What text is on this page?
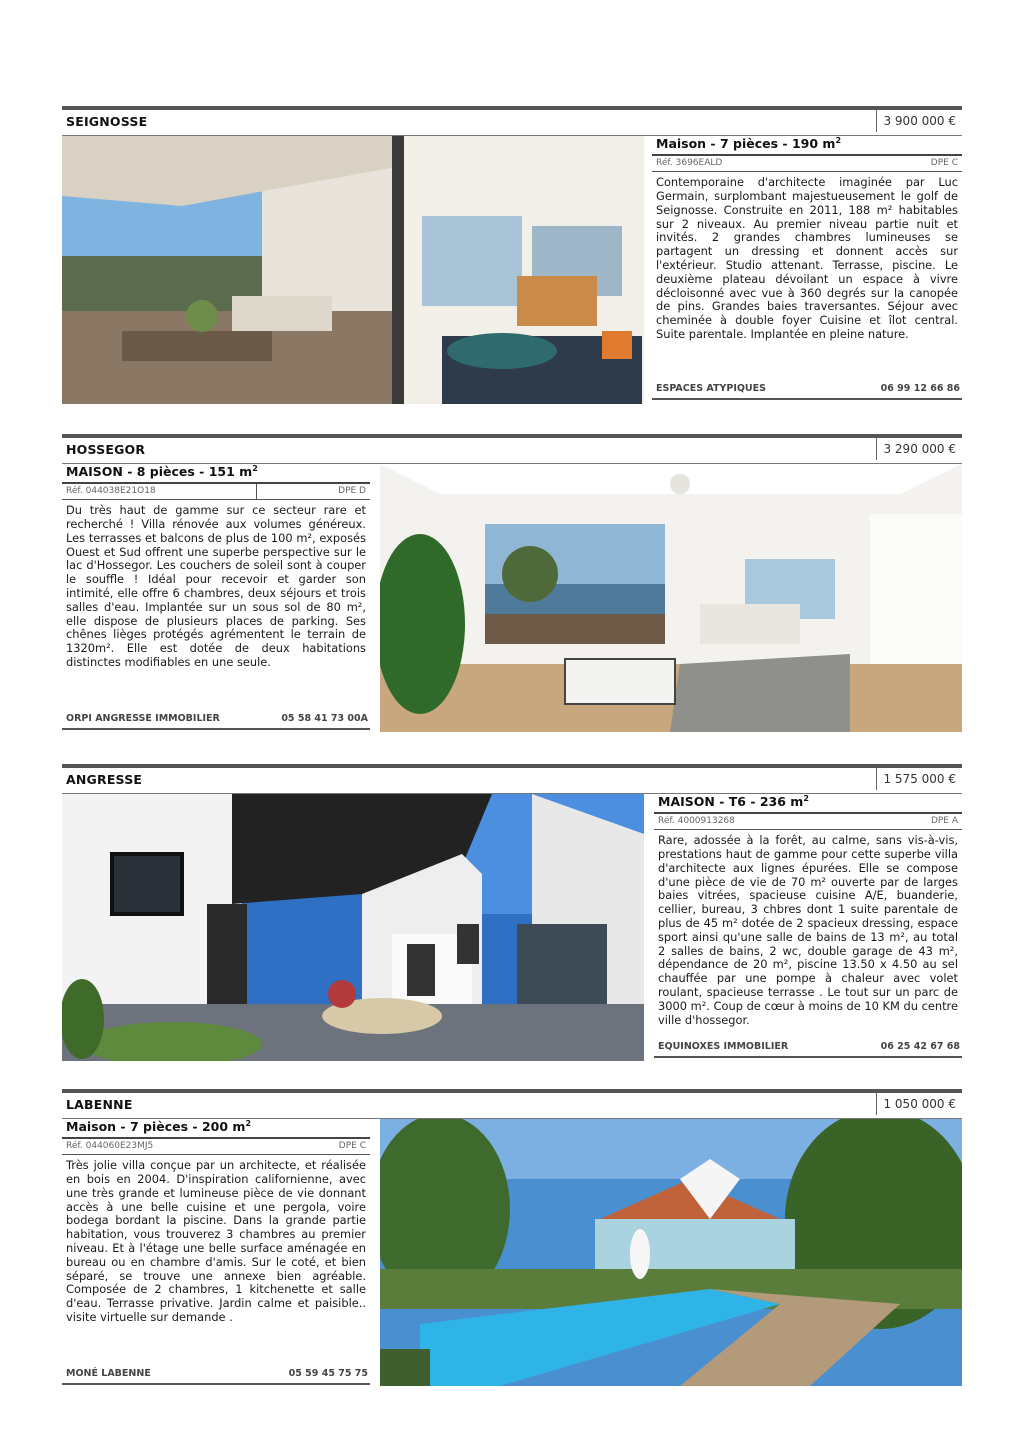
SEIGNOSSE	3 900 000 €
Maison - 7 pièces - 190 $m^2$
Réf. 3696EALD	DPE C
Contemporaine d'architecte imaginée par Luc Germain, surplombant majestueusement le golf de Seignosse. Construite en 2011, 188 m² habitables sur 2 niveaux. Au premier niveau partie nuit et invités. 2 grandes chambres lumineuses se partagent un dressing et donnent accès sur l'extérieur. Studio attenant. Terrasse, piscine. Le deuxième plateau dévoilant un espace à vivre décloisonné avec vue à 360 degrés sur la canopée de pins. Grandes baies traversantes. Séjour avec cheminée à double foyer Cuisine et îlot central. Suite parentale. Implantée en pleine nature.
ESPACES ATYPIQUES	06 99 12 66 86
HOSSEGOR	3 290 000 €
MAISON - 8 pièces - 151 $m^2$
Réf. 044038E21O18	DPE D
Du très haut de gamme sur ce secteur rare et recherché ! Villa rénovée aux volumes généreux. Les terrasses et balcons de plus de 100 m², exposés Ouest et Sud offrent une superbe perspective sur le lac d'Hossegor. Les couchers de soleil sont à couper le souffle ! Idéal pour recevoir et garder son intimité, elle offre 6 chambres, deux séjours et trois salles d'eau. Implantée sur un sous sol de 80 m², elle dispose de plusieurs places de parking. Ses chênes lièges protégés agrémentent le terrain de 1320m². Elle est dotée de deux habitations distinctes modifiables en une seule.
ORPI ANGRESSE IMMOBILIER	05 58 41 73 00A
ANGRESSE	1 575 000 €
MAISON - T6 - 236 $m^2$
Réf. 4000913268	DPE A
Rare, adossée à la forêt, au calme, sans vis-à-vis, prestations haut de gamme pour cette superbe villa d'architecte aux lignes épurées. Elle se compose d'une pièce de vie de 70 m² ouverte par de larges baies vitrées, spacieuse cuisine A/E, buanderie, cellier, bureau, 3 chbres dont 1 suite parentale de plus de 45 m² dotée de 2 spacieux dressing, espace sport ainsi qu'une salle de bains de 13 m², au total 2 salles de bains, 2 wc, double garage de 43 m², dépendance de 20 m², piscine 13.50 x 4.50 au sel chauffée par une pompe à chaleur avec volet roulant, spacieuse terrasse . Le tout sur un parc de 3000 m². Coup de cœur à moins de 10 KM du centre ville d'hossegor.
EQUINOXES IMMOBILIER	06 25 42 67 68
LABENNE	1 050 000 €
Maison - 7 pièces - 200 $m^2$
Réf. 044060E23MJ5	DPE C
Très jolie villa conçue par un architecte, et réalisée en bois en 2004. D'inspiration californienne, avec une très grande et lumineuse pièce de vie donnant accès à une belle cuisine et une pergola, voire bodega bordant la piscine. Dans la grande partie habitation, vous trouverez 3 chambres au premier niveau. Et à l'étage une belle surface aménagée en bureau ou en chambre d'amis. Sur le coté, et bien séparé, se trouve une annexe bien agréable. Composée de 2 chambres, 1 kitchenette et salle d'eau. Terrasse privative. Jardin calme et paisible.. visite virtuelle sur demande .
MONÉ LABENNE	05 59 45 75 75
